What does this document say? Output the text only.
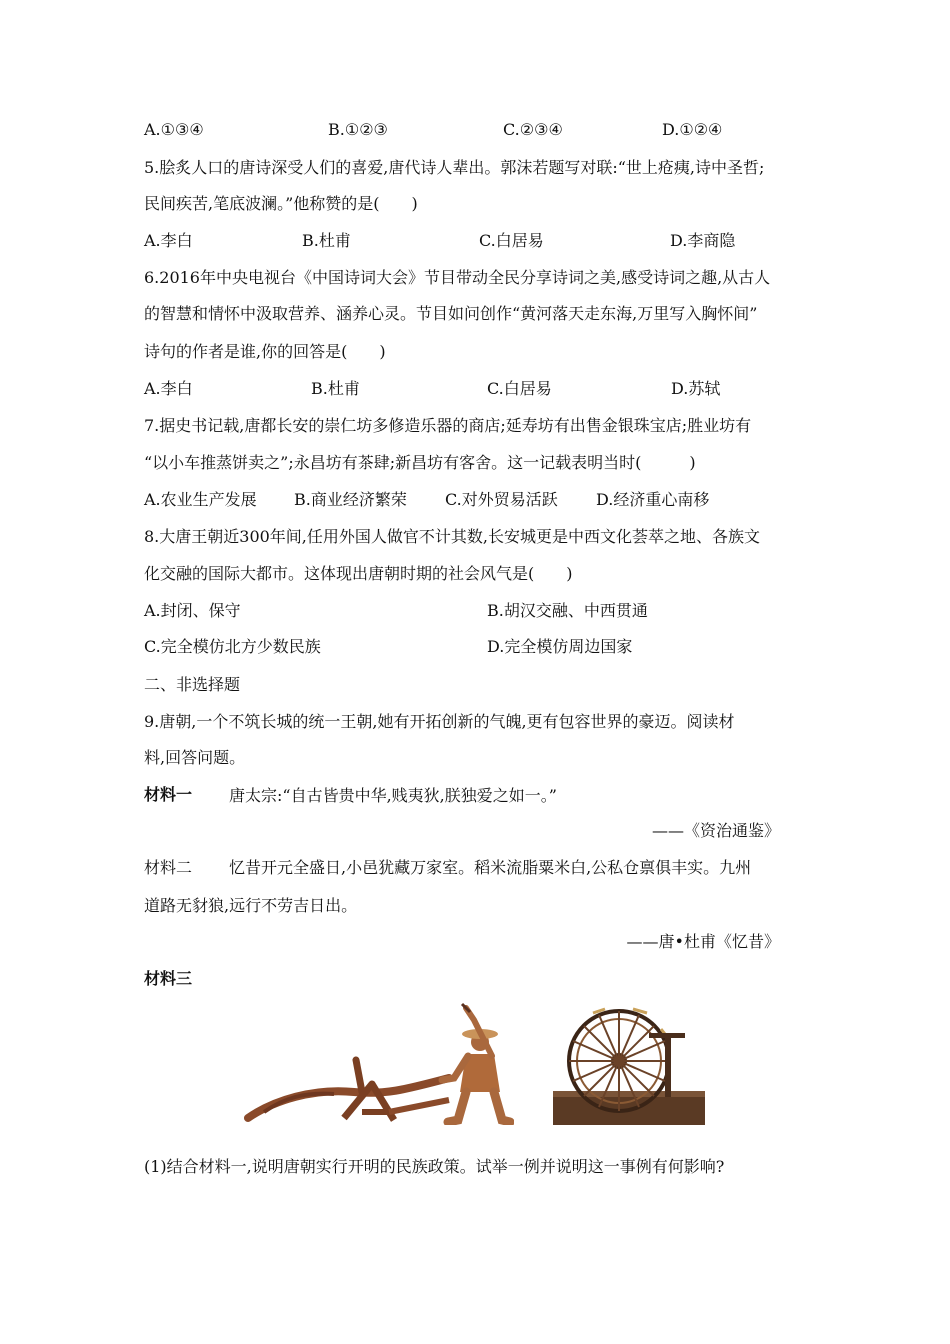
A.①③④	B.①②③	C.②③④	D.①②④
5.脍炙人口的唐诗深受人们的喜爱,唐代诗人辈出。郭沫若题写对联:“世上疮痍,诗中圣哲;
民间疾苦,笔底波澜。”他称赞的是(　　)
A.李白	B.杜甫	C.白居易	D.李商隐
6.2016年中央电视台《中国诗词大会》节目带动全民分享诗词之美,感受诗词之趣,从古人
的智慧和情怀中汲取营养、涵养心灵。节目如问创作“黄河落天走东海,万里写入胸怀间”
诗句的作者是谁,你的回答是(　　)
A.李白	B.杜甫	C.白居易	D.苏轼
7.据史书记载,唐都长安的崇仁坊多修造乐器的商店;延寿坊有出售金银珠宝店;胜业坊有
“以小车推蒸饼卖之”;永昌坊有茶肆;新昌坊有客舍。这一记载表明当时(　　　)
A.农业生产发展 B.商业经济繁荣 C.对外贸易活跃 D.经济重心南移
8.大唐王朝近300年间,任用外国人做官不计其数,长安城更是中西文化荟萃之地、各族文
化交融的国际大都市。这体现出唐朝时期的社会风气是(　　)
A.封闭、保守	B.胡汉交融、中西贯通
C.完全模仿北方少数民族	D.完全模仿周边国家
二、非选择题
9.唐朝,一个不筑长城的统一王朝,她有开拓创新的气魄,更有包容世界的豪迈。阅读材
料,回答问题。
材料一 唐太宗:“自古皆贵中华,贱夷狄,朕独爱之如一。”
——《资治通鉴》
材料二 忆昔开元全盛日,小邑犹藏万家室。稻米流脂粟米白,公私仓禀俱丰实。九州
道路无豺狼,远行不劳吉日出。
——唐•杜甫《忆昔》
材料三
(1)结合材料一,说明唐朝实行开明的民族政策。试举一例并说明这一事例有何影响?
